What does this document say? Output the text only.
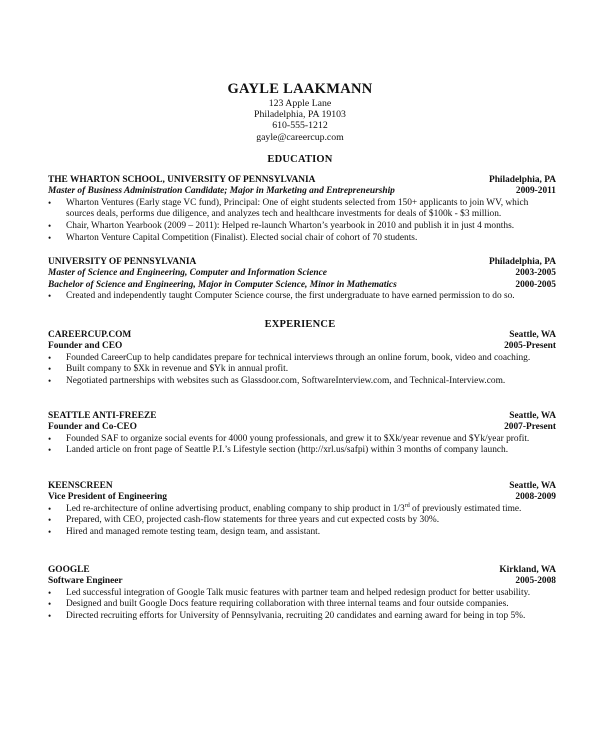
GAYLE LAAKMANN
123 Apple Lane
Philadelphia, PA 19103
610-555-1212
gayle@careercup.com
EDUCATION
THE WHARTON SCHOOL, UNIVERSITY OF PENNSYLVANIA	Philadelphia, PA
Master of Business Administration Candidate; Major in Marketing and Entrepreneurship	2009-2011
• Wharton Ventures (Early stage VC fund), Principal: One of eight students selected from 150+ applicants to join WV, which sources deals, performs due diligence, and analyzes tech and healthcare investments for deals of $100k - $3 million.
• Chair, Wharton Yearbook (2009 – 2011): Helped re-launch Wharton’s yearbook in 2010 and publish it in just 4 months.
• Wharton Venture Capital Competition (Finalist). Elected social chair of cohort of 70 students.
UNIVERSITY OF PENNSYLVANIA	Philadelphia, PA
Master of Science and Engineering, Computer and Information Science	2003-2005
Bachelor of Science and Engineering, Major in Computer Science, Minor in Mathematics	2000-2005
• Created and independently taught Computer Science course, the first undergraduate to have earned permission to do so.
EXPERIENCE
CAREERCUP.COM	Seattle, WA
Founder and CEO	2005-Present
• Founded CareerCup to help candidates prepare for technical interviews through an online forum, book, video and coaching.
• Built company to $Xk in revenue and $Yk in annual profit.
• Negotiated partnerships with websites such as Glassdoor.com, SoftwareInterview.com, and Technical-Interview.com.
SEATTLE ANTI-FREEZE	Seattle, WA
Founder and Co-CEO	2007-Present
• Founded SAF to organize social events for 4000 young professionals, and grew it to $Xk/year revenue and $Yk/year profit.
• Landed article on front page of Seattle P.I.’s Lifestyle section (http://xrl.us/safpi) within 3 months of company launch.
KEENSCREEN	Seattle, WA
Vice President of Engineering	2008-2009
• Led re-architecture of online advertising product, enabling company to ship product in 1/3rd of previously estimated time.
• Prepared, with CEO, projected cash-flow statements for three years and cut expected costs by 30%.
• Hired and managed remote testing team, design team, and assistant.
GOOGLE	Kirkland, WA
Software Engineer	2005-2008
• Led successful integration of Google Talk music features with partner team and helped redesign product for better usability.
• Designed and built Google Docs feature requiring collaboration with three internal teams and four outside companies.
• Directed recruiting efforts for University of Pennsylvania, recruiting 20 candidates and earning award for being in top 5%.
